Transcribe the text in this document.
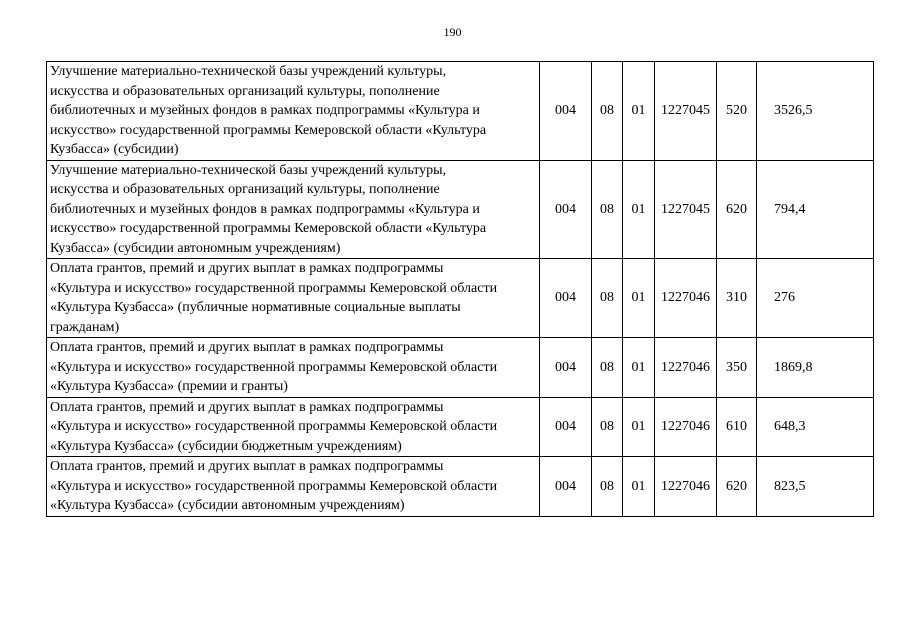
190
Улучшение материально-технической базы учреждений культуры,
искусства и образовательных организаций культуры, пополнение
библиотечных и музейных фондов в рамках подпрограммы «Культура и
искусство» государственной программы Кемеровской области «Культура
Кузбасса» (субсидии)	004	08	01	1227045	520	3526,5

Улучшение материально-технической базы учреждений культуры,
искусства и образовательных организаций культуры, пополнение
библиотечных и музейных фондов в рамках подпрограммы «Культура и
искусство» государственной программы Кемеровской области «Культура
Кузбасса» (субсидии автономным учреждениям)	004	08	01	1227045	620	794,4

Оплата грантов, премий и других выплат в рамках подпрограммы
«Культура и искусство» государственной программы Кемеровской области
«Культура Кузбасса» (публичные нормативные социальные выплаты
гражданам)	004	08	01	1227046	310	276

Оплата грантов, премий и других выплат в рамках подпрограммы
«Культура и искусство» государственной программы Кемеровской области
«Культура Кузбасса» (премии и гранты)	004	08	01	1227046	350	1869,8

Оплата грантов, премий и других выплат в рамках подпрограммы
«Культура и искусство» государственной программы Кемеровской области
«Культура Кузбасса» (субсидии бюджетным учреждениям)	004	08	01	1227046	610	648,3

Оплата грантов, премий и других выплат в рамках подпрограммы
«Культура и искусство» государственной программы Кемеровской области
«Культура Кузбасса» (субсидии автономным учреждениям)	004	08	01	1227046	620	823,5
